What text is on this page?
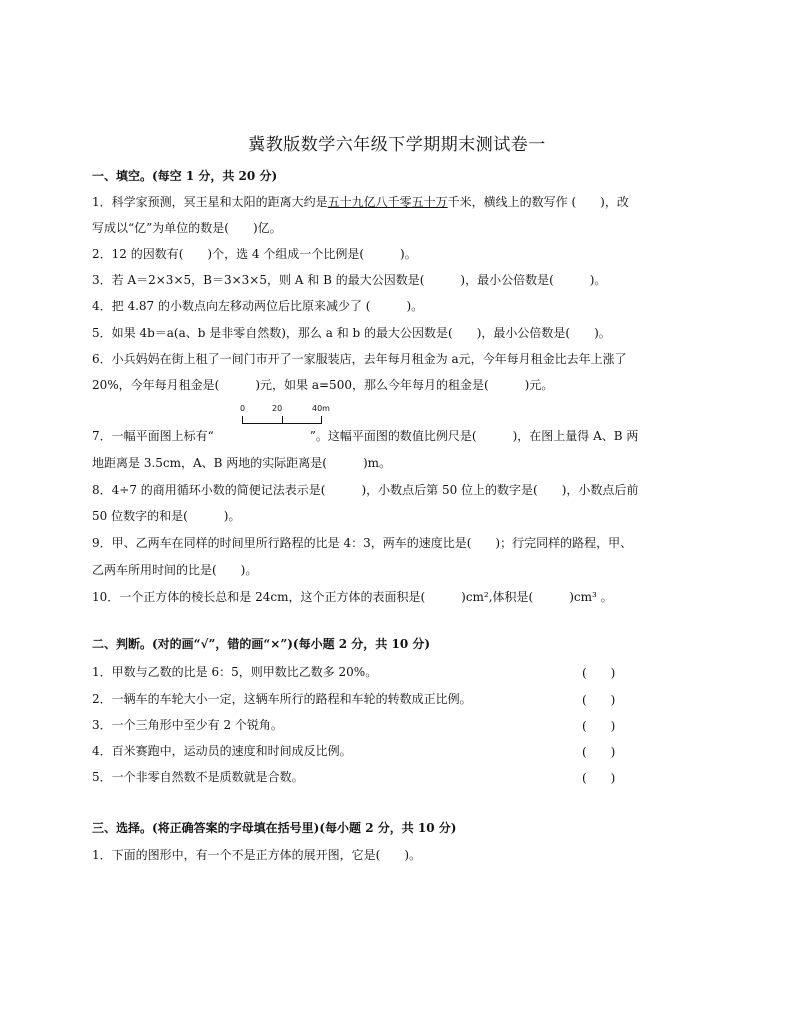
冀教版数学六年级下学期期末测试卷一
一、填空。(每空 1 分，共 20 分)
1．科学家预测，冥王星和太阳的距离大约是五十九亿八千零五十万千米，横线上的数写作 (　　)，改
写成以“亿”为单位的数是(　　)亿。
2．12 的因数有(　　)个，选 4 个组成一个比例是(　　　)。
3．若 A＝2×3×5，B＝3×3×5，则 A 和 B 的最大公因数是(　　　)，最小公倍数是(　　　)。
4．把 4.87 的小数点向左移动两位后比原来减少了 (　　　)。
5．如果 4b＝a(a、b 是非零自然数)，那么 a 和 b 的最大公因数是(　　)，最小公倍数是(　　)。
6．小兵妈妈在街上租了一间门市开了一家服装店，去年每月租金为 a元，今年每月租金比去年上涨了
20%，今年每月租金是(　　　)元，如果 a=500，那么今年每月的租金是(　　　)元。
0	20	40m
7．一幅平面图上标有“　　　　　　　　”。这幅平面图的数值比例尺是(　　　)，在图上量得 A、B 两
地距离是 3.5cm，A、B 两地的实际距离是(　　　)m。
8．4÷7 的商用循环小数的简便记法表示是(　　　)，小数点后第 50 位上的数字是(　　)，小数点后前
50 位数字的和是(　　　)。
9．甲、乙两车在同样的时间里所行路程的比是 4：3，两车的速度比是(　　)；行完同样的路程，甲、
乙两车所用时间的比是(　　)。
10．一个正方体的棱长总和是 24cm，这个正方体的表面积是(　　　)cm²,体积是(　　　)cm³ 。
二、判断。(对的画“√”，错的画“×”)(每小题 2 分，共 10 分)
1．甲数与乙数的比是 6：5，则甲数比乙数多 20%。	(　　)
2．一辆车的车轮大小一定，这辆车所行的路程和车轮的转数成正比例。	(　　)
3．一个三角形中至少有 2 个锐角。	(　　)
4．百米赛跑中，运动员的速度和时间成反比例。	(　　)
5．一个非零自然数不是质数就是合数。	(　　)
三、选择。(将正确答案的字母填在括号里)(每小题 2 分，共 10 分)
1．下面的图形中，有一个不是正方体的展开图，它是(　　)。
